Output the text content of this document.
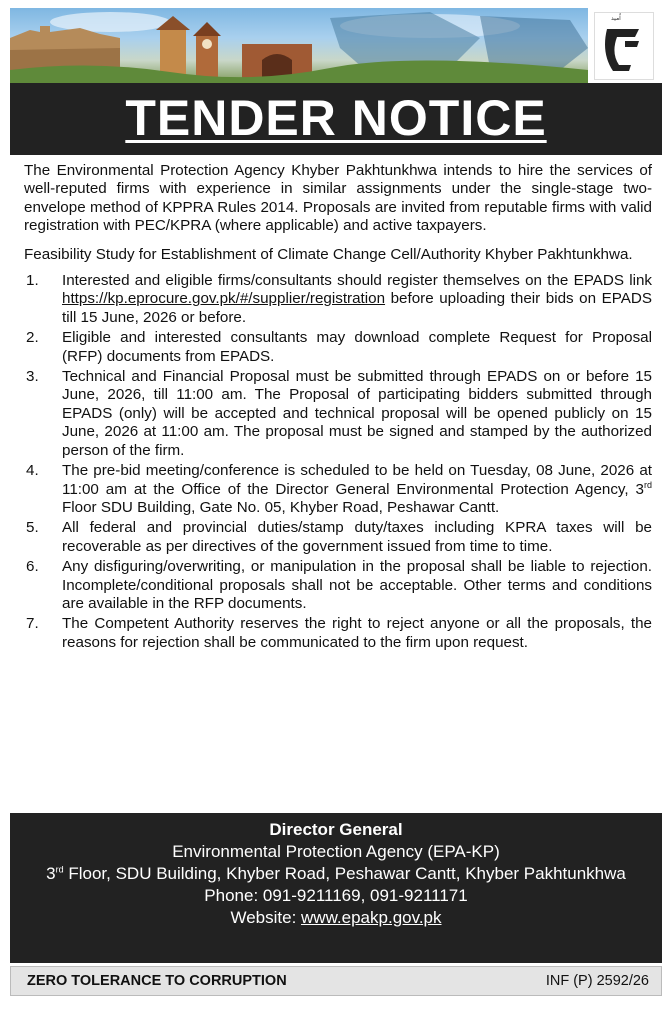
اُمید
TENDER NOTICE

The Environmental Protection Agency Khyber Pakhtunkhwa intends to hire the services of well-reputed firms with experience in similar assignments under the single-stage two-envelope method of KPPRA Rules 2014. Proposals are invited from reputable firms with valid registration with PEC/KPRA (where applicable) and active taxpayers.

Feasibility Study for Establishment of Climate Change Cell/Authority Khyber Pakhtunkhwa.

1. Interested and eligible firms/consultants should register themselves on the EPADS link https://kp.eprocure.gov.pk/#/supplier/registration before uploading their bids on EPADS till 15 June, 2026 or before.
2. Eligible and interested consultants may download complete Request for Proposal (RFP) documents from EPADS.
3. Technical and Financial Proposal must be submitted through EPADS on or before 15 June, 2026, till 11:00 am. The Proposal of participating bidders submitted through EPADS (only) will be accepted and technical proposal will be opened publicly on 15 June, 2026 at 11:00 am. The proposal must be signed and stamped by the authorized person of the firm.
4. The pre-bid meeting/conference is scheduled to be held on Tuesday, 08 June, 2026 at 11:00 am at the Office of the Director General Environmental Protection Agency, 3rd Floor SDU Building, Gate No. 05, Khyber Road, Peshawar Cantt.
5. All federal and provincial duties/stamp duty/taxes including KPRA taxes will be recoverable as per directives of the government issued from time to time.
6. Any disfiguring/overwriting, or manipulation in the proposal shall be liable to rejection. Incomplete/conditional proposals shall not be acceptable. Other terms and conditions are available in the RFP documents.
7. The Competent Authority reserves the right to reject anyone or all the proposals, the reasons for rejection shall be communicated to the firm upon request.
Director General
Environmental Protection Agency (EPA-KP)
3rd Floor, SDU Building, Khyber Road, Peshawar Cantt, Khyber Pakhtunkhwa
Phone: 091-9211169, 091-9211171
Website: www.epakp.gov.pk
ZERO TOLERANCE TO CORRUPTION	INF (P) 2592/26
